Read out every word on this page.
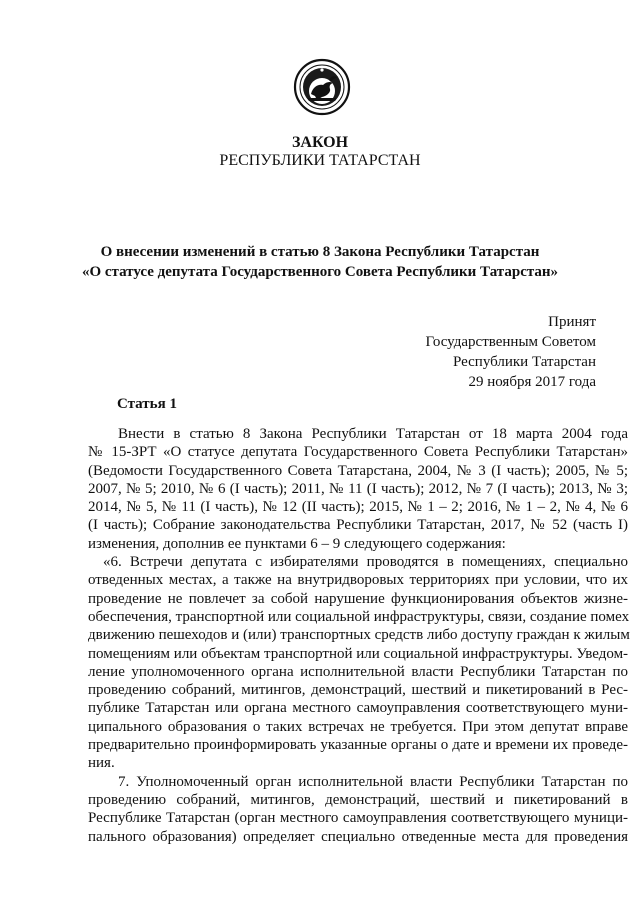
ЗАКОН
РЕСПУБЛИКИ ТАТАРСТАН
О внесении изменений в статью 8 Закона Республики Татарстан
«О статусе депутата Государственного Совета Республики Татарстан»
Принят
Государственным Советом
Республики Татарстан
29 ноября 2017 года
Статья 1
Внести в статью 8 Закона Республики Татарстан от 18 марта 2004 года
№ 15-ЗРТ «О статусе депутата Государственного Совета Республики Татарстан»
(Ведомости Государственного Совета Татарстана, 2004, № 3 (I часть); 2005, № 5;
2007, № 5; 2010, № 6 (I часть); 2011, № 11 (I часть); 2012, № 7 (I часть); 2013, № 3;
2014, № 5, № 11 (I часть), № 12 (II часть); 2015, № 1 – 2; 2016, № 1 – 2, № 4, № 6
(I часть); Собрание законодательства Республики Татарстан, 2017, № 52 (часть I)
изменения, дополнив ее пунктами 6 – 9 следующего содержания:
«6. Встречи депутата с избирателями проводятся в помещениях, специально
отведенных местах, а также на внутридворовых территориях при условии, что их
проведение не повлечет за собой нарушение функционирования объектов жизне-
обеспечения, транспортной или социальной инфраструктуры, связи, создание помех
движению пешеходов и (или) транспортных средств либо доступу граждан к жилым
помещениям или объектам транспортной или социальной инфраструктуры. Уведом-
ление уполномоченного органа исполнительной власти Республики Татарстан по
проведению собраний, митингов, демонстраций, шествий и пикетирований в Рес-
публике Татарстан или органа местного самоуправления соответствующего муни-
ципального образования о таких встречах не требуется. При этом депутат вправе
предварительно проинформировать указанные органы о дате и времени их проведе-
ния.
7. Уполномоченный орган исполнительной власти Республики Татарстан по
проведению собраний, митингов, демонстраций, шествий и пикетирований в
Республике Татарстан (орган местного самоуправления соответствующего муници-
пального образования) определяет специально отведенные места для проведения
